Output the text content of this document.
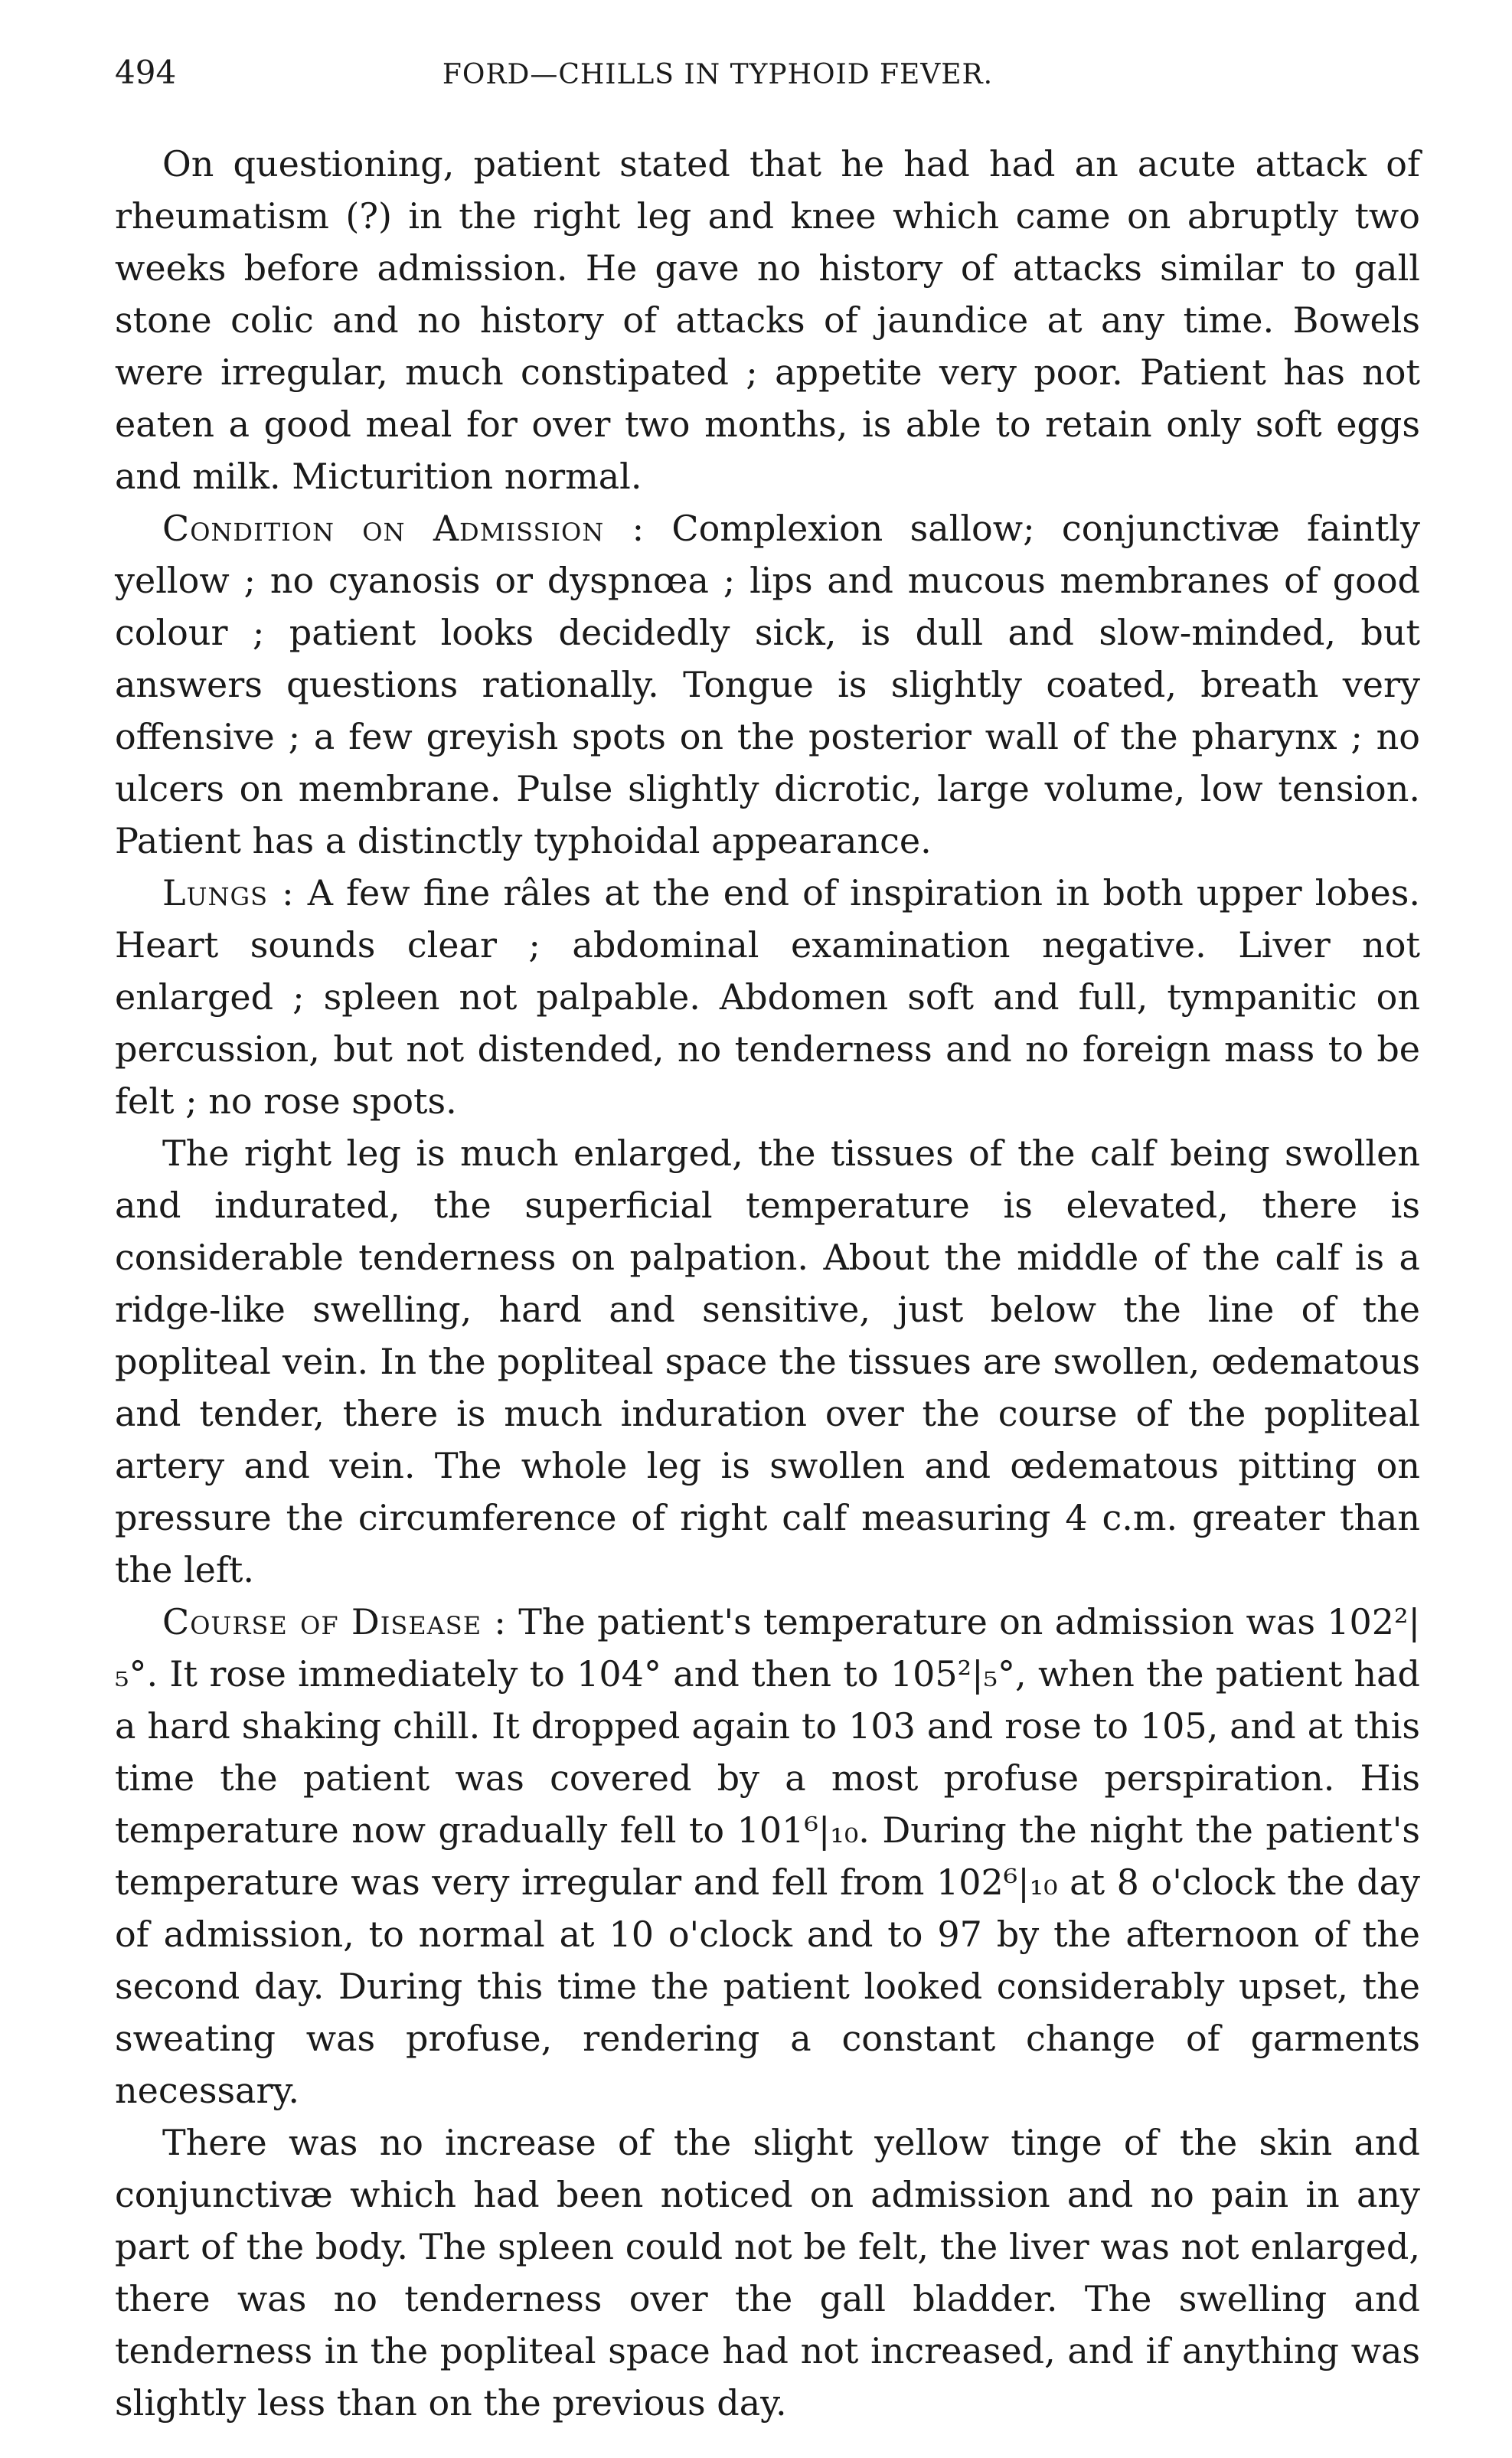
494	FORD—CHILLS IN TYPHOID FEVER.

On questioning, patient stated that he had had an acute attack of rheumatism (?) in the right leg and knee which came on abruptly two weeks before admission. He gave no history of attacks similar to gall stone colic and no history of attacks of jaundice at any time. Bowels were irregular, much constipated ; appetite very poor. Patient has not eaten a good meal for over two months, is able to retain only soft eggs and milk. Micturition normal.

Condition on Admission : Complexion sallow; conjunctivæ faintly yellow ; no cyanosis or dyspnœa ; lips and mucous membranes of good colour ; patient looks decidedly sick, is dull and slow-minded, but answers questions rationally. Tongue is slightly coated, breath very offensive ; a few greyish spots on the posterior wall of the pharynx ; no ulcers on membrane. Pulse slightly dicrotic, large volume, low tension. Patient has a distinctly typhoidal appearance.

Lungs : A few fine râles at the end of inspiration in both upper lobes. Heart sounds clear ; abdominal examination negative. Liver not enlarged ; spleen not palpable. Abdomen soft and full, tympanitic on percussion, but not distended, no tenderness and no foreign mass to be felt ; no rose spots.

The right leg is much enlarged, the tissues of the calf being swollen and indurated, the superficial temperature is elevated, there is considerable tenderness on palpation. About the middle of the calf is a ridge-like swelling, hard and sensitive, just below the line of the popliteal vein. In the popliteal space the tissues are swollen, œdematous and tender, there is much induration over the course of the popliteal artery and vein. The whole leg is swollen and œdematous pitting on pressure the circumference of right calf measuring 4 c.m. greater than the left.

Course of Disease : The patient's temperature on admission was 102²|₅°. It rose immediately to 104° and then to 105²|₅°, when the patient had a hard shaking chill. It dropped again to 103 and rose to 105, and at this time the patient was covered by a most profuse perspiration. His temperature now gradually fell to 101⁶|₁₀. During the night the patient's temperature was very irregular and fell from 102⁶|₁₀ at 8 o'clock the day of admission, to normal at 10 o'clock and to 97 by the afternoon of the second day. During this time the patient looked considerably upset, the sweating was profuse, rendering a constant change of garments necessary.

There was no increase of the slight yellow tinge of the skin and conjunctivæ which had been noticed on admission and no pain in any part of the body. The spleen could not be felt, the liver was not enlarged, there was no tenderness over the gall bladder. The swelling and tenderness in the popliteal space had not increased, and if anything was slightly less than on the previous day.
